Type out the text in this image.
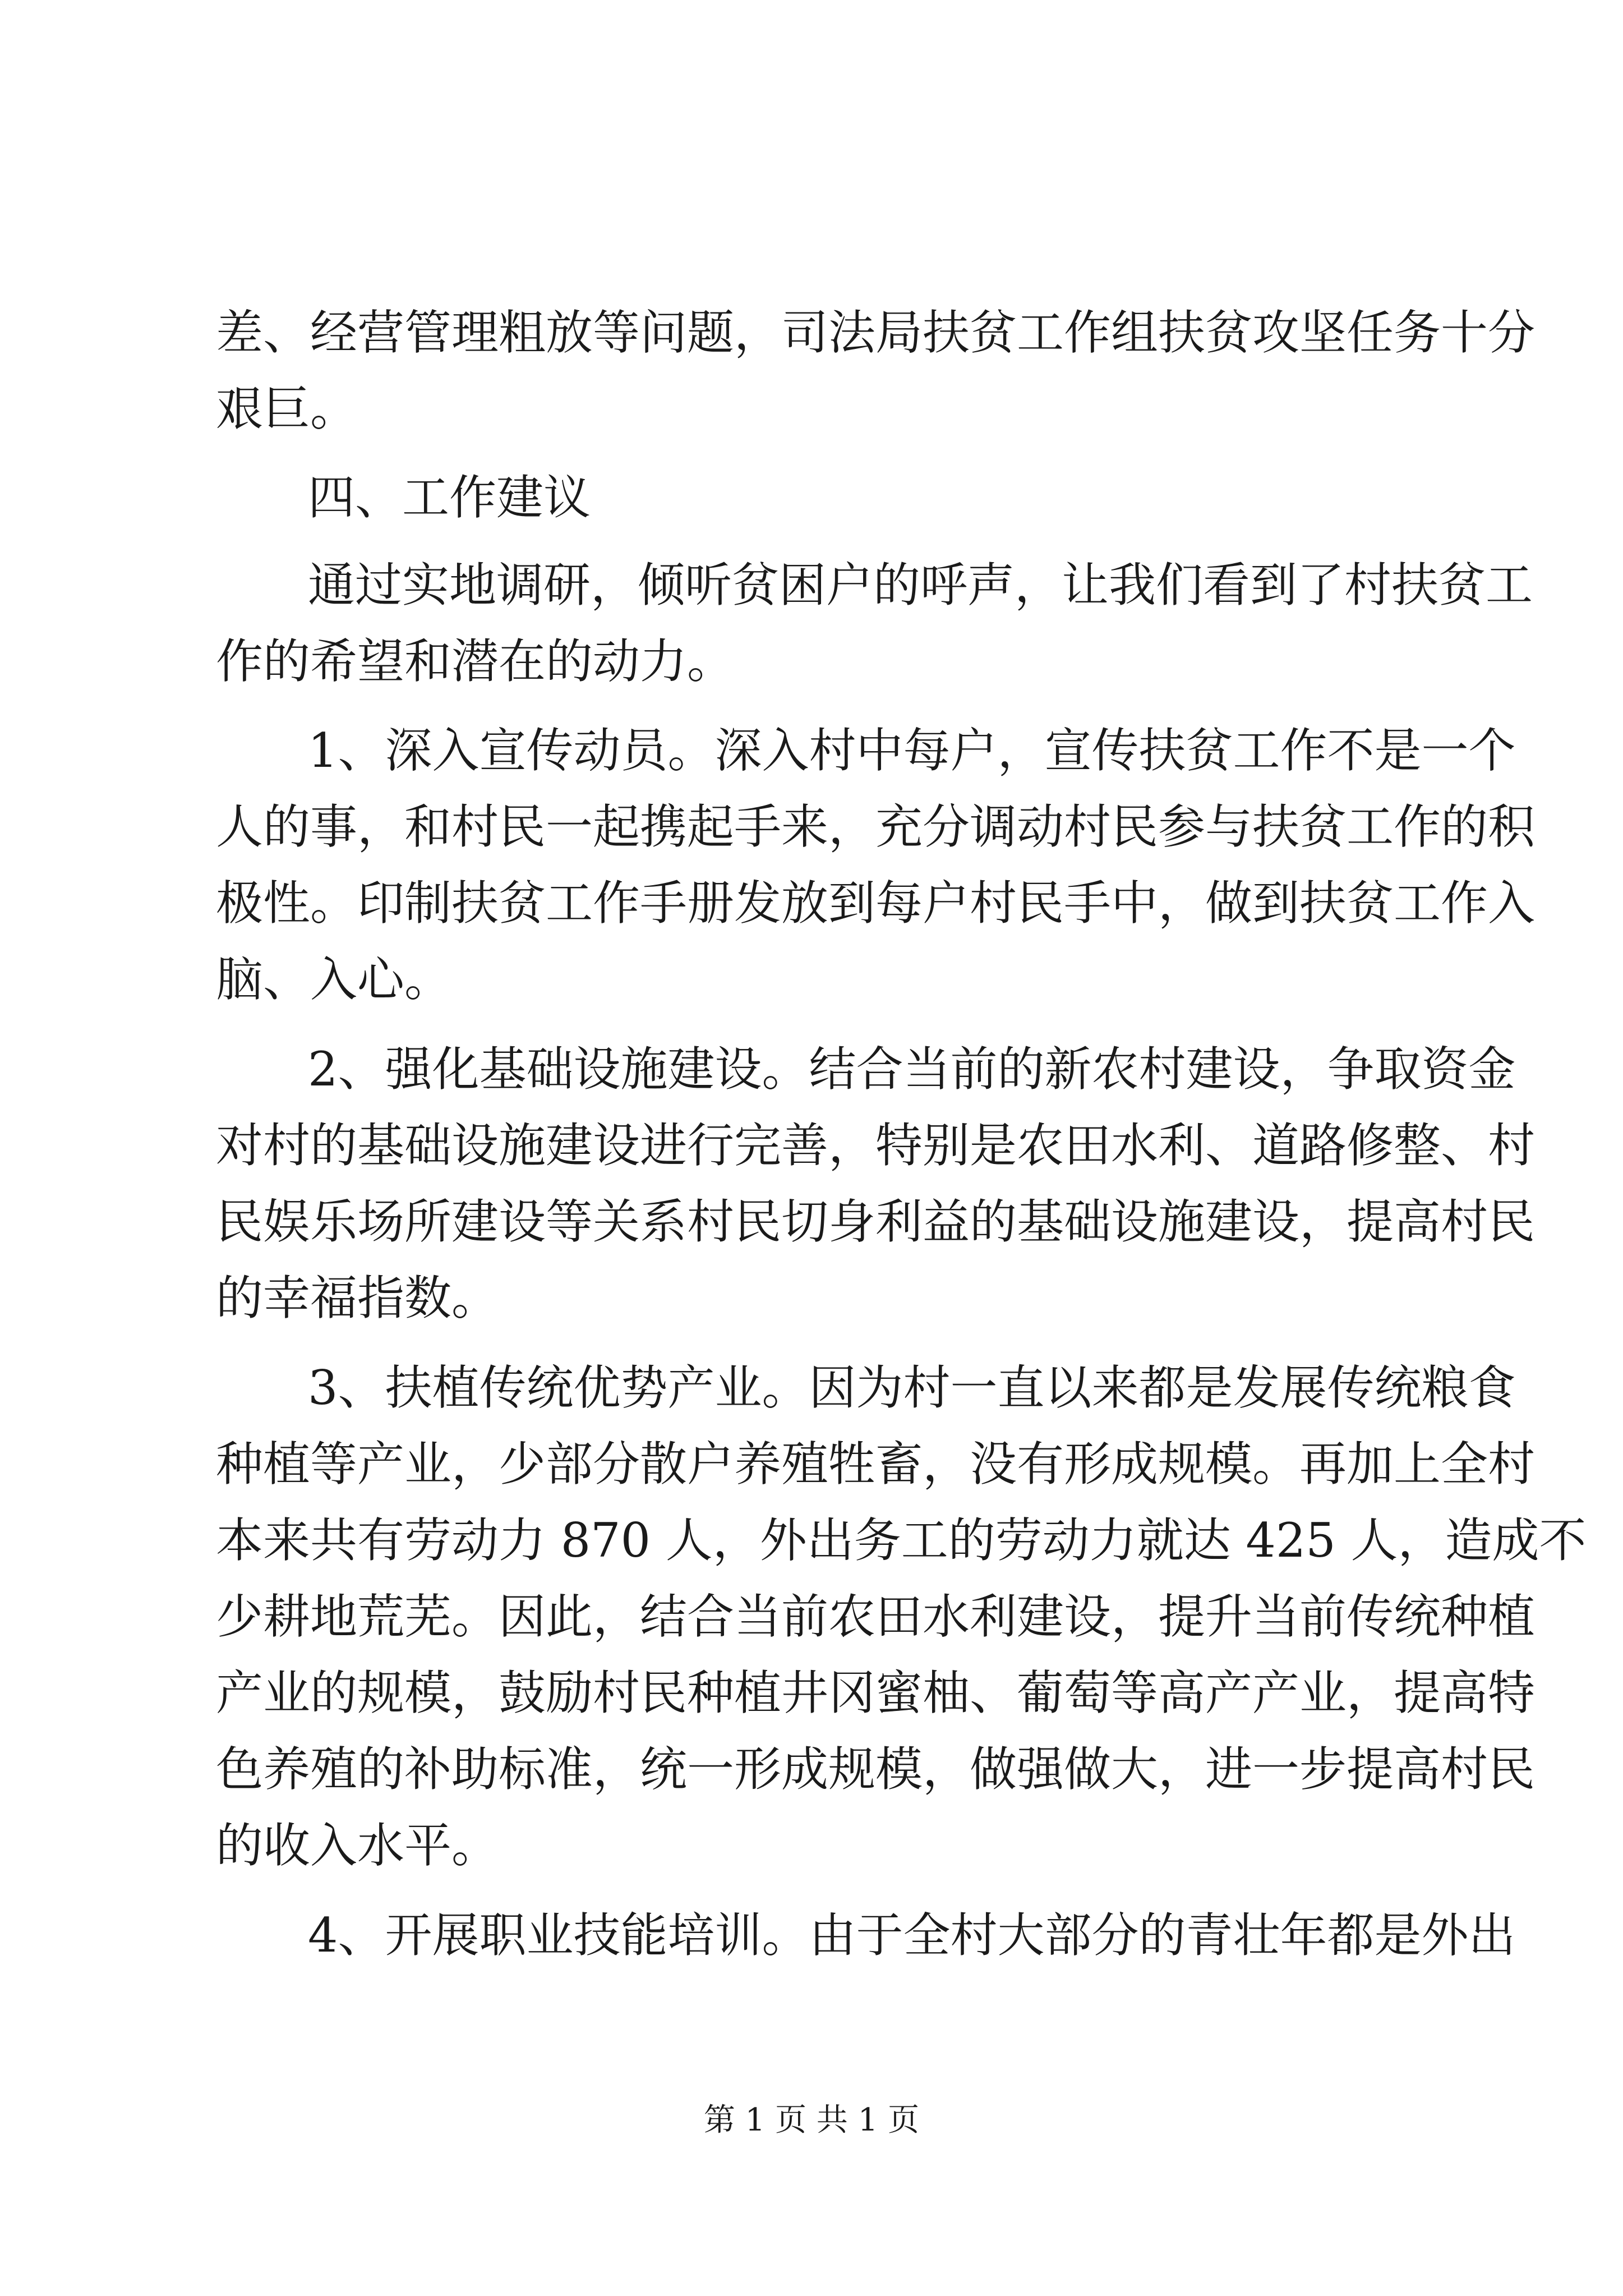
差、经营管理粗放等问题，司法局扶贫工作组扶贫攻坚任务十分
艰巨。
四、工作建议
通过实地调研，倾听贫困户的呼声，让我们看到了村扶贫工
作的希望和潜在的动力。
1、深入宣传动员。深入村中每户，宣传扶贫工作不是一个
人的事，和村民一起携起手来，充分调动村民参与扶贫工作的积
极性。印制扶贫工作手册发放到每户村民手中，做到扶贫工作入
脑、入心。
2、强化基础设施建设。结合当前的新农村建设，争取资金
对村的基础设施建设进行完善，特别是农田水利、道路修整、村
民娱乐场所建设等关系村民切身利益的基础设施建设，提高村民
的幸福指数。
3、扶植传统优势产业。因为村一直以来都是发展传统粮食
种植等产业，少部分散户养殖牲畜，没有形成规模。再加上全村
本来共有劳动力 870 人，外出务工的劳动力就达 425 人，造成不
少耕地荒芜。因此，结合当前农田水利建设，提升当前传统种植
产业的规模，鼓励村民种植井冈蜜柚、葡萄等高产产业，提高特
色养殖的补助标准，统一形成规模，做强做大，进一步提高村民
的收入水平。
4、开展职业技能培训。由于全村大部分的青壮年都是外出
第 1 页 共 1 页
